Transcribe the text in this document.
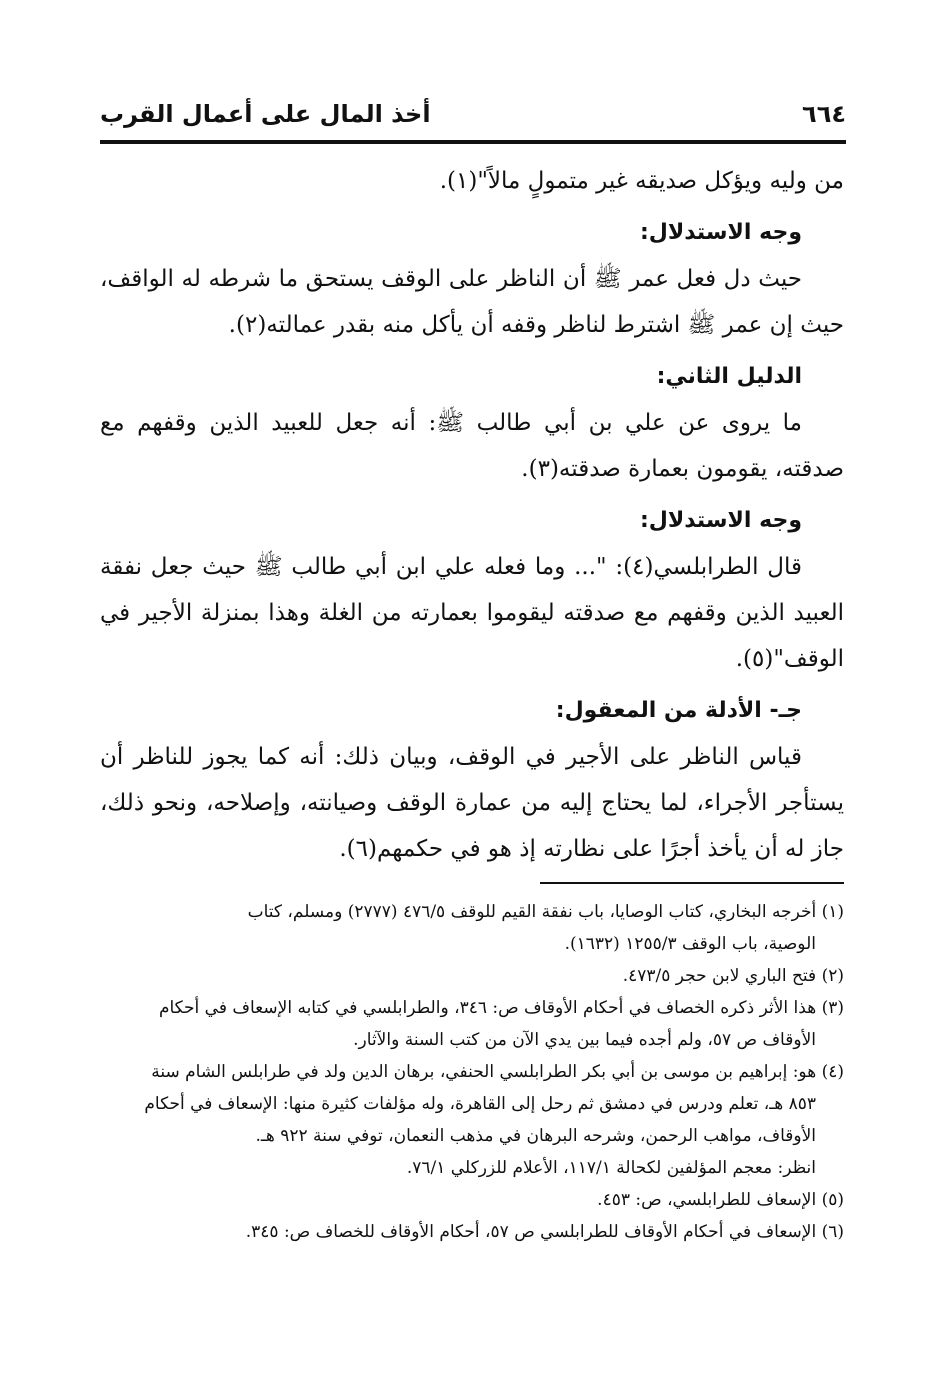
٦٦٤
أخذ المال على أعمال القرب

من وليه ويؤكل صديقه غير متمولٍ مالاً"(١).

وجه الاستدلال:

حيث دل فعل عمر ﷺ أن الناظر على الوقف يستحق ما شرطه له الواقف، حيث إن عمر ﷺ اشترط لناظر وقفه أن يأكل منه بقدر عمالته(٢).

الدليل الثاني:

ما يروى عن علي بن أبي طالب ﷺ: أنه جعل للعبيد الذين وقفهم مع صدقته، يقومون بعمارة صدقته(٣).

وجه الاستدلال:

قال الطرابلسي(٤): "... وما فعله علي ابن أبي طالب ﷺ حيث جعل نفقة العبيد الذين وقفهم مع صدقته ليقوموا بعمارته من الغلة وهذا بمنزلة الأجير في الوقف"(٥).

جـ- الأدلة من المعقول:

قياس الناظر على الأجير في الوقف، وبيان ذلك: أنه كما يجوز للناظر أن يستأجر الأجراء، لما يحتاج إليه من عمارة الوقف وصيانته، وإصلاحه، ونحو ذلك، جاز له أن يأخذ أجرًا على نظارته إذ هو في حكمهم(٦).

(١) أخرجه البخاري، كتاب الوصايا، باب نفقة القيم للوقف ٤٧٦/٥ (٢٧٧٧) ومسلم، كتاب

الوصية، باب الوقف ١٢٥٥/٣ (١٦٣٢).

(٢) فتح الباري لابن حجر ٤٧٣/٥.

(٣) هذا الأثر ذكره الخصاف في أحكام الأوقاف ص: ٣٤٦، والطرابلسي في كتابه الإسعاف في أحكام

الأوقاف ص ٥٧، ولم أجده فيما بين يدي الآن من كتب السنة والآثار.

(٤) هو: إبراهيم بن موسى بن أبي بكر الطرابلسي الحنفي، برهان الدين ولد في طرابلس الشام سنة

٨٥٣ هـ، تعلم ودرس في دمشق ثم رحل إلى القاهرة، وله مؤلفات كثيرة منها: الإسعاف في أحكام

الأوقاف، مواهب الرحمن، وشرحه البرهان في مذهب النعمان، توفي سنة ٩٢٢ هـ.

انظر: معجم المؤلفين لكحالة ١١٧/١، الأعلام للزركلي ٧٦/١.

(٥) الإسعاف للطرابلسي، ص: ٤٥٣.

(٦) الإسعاف في أحكام الأوقاف للطرابلسي ص ٥٧، أحكام الأوقاف للخصاف ص: ٣٤٥.
